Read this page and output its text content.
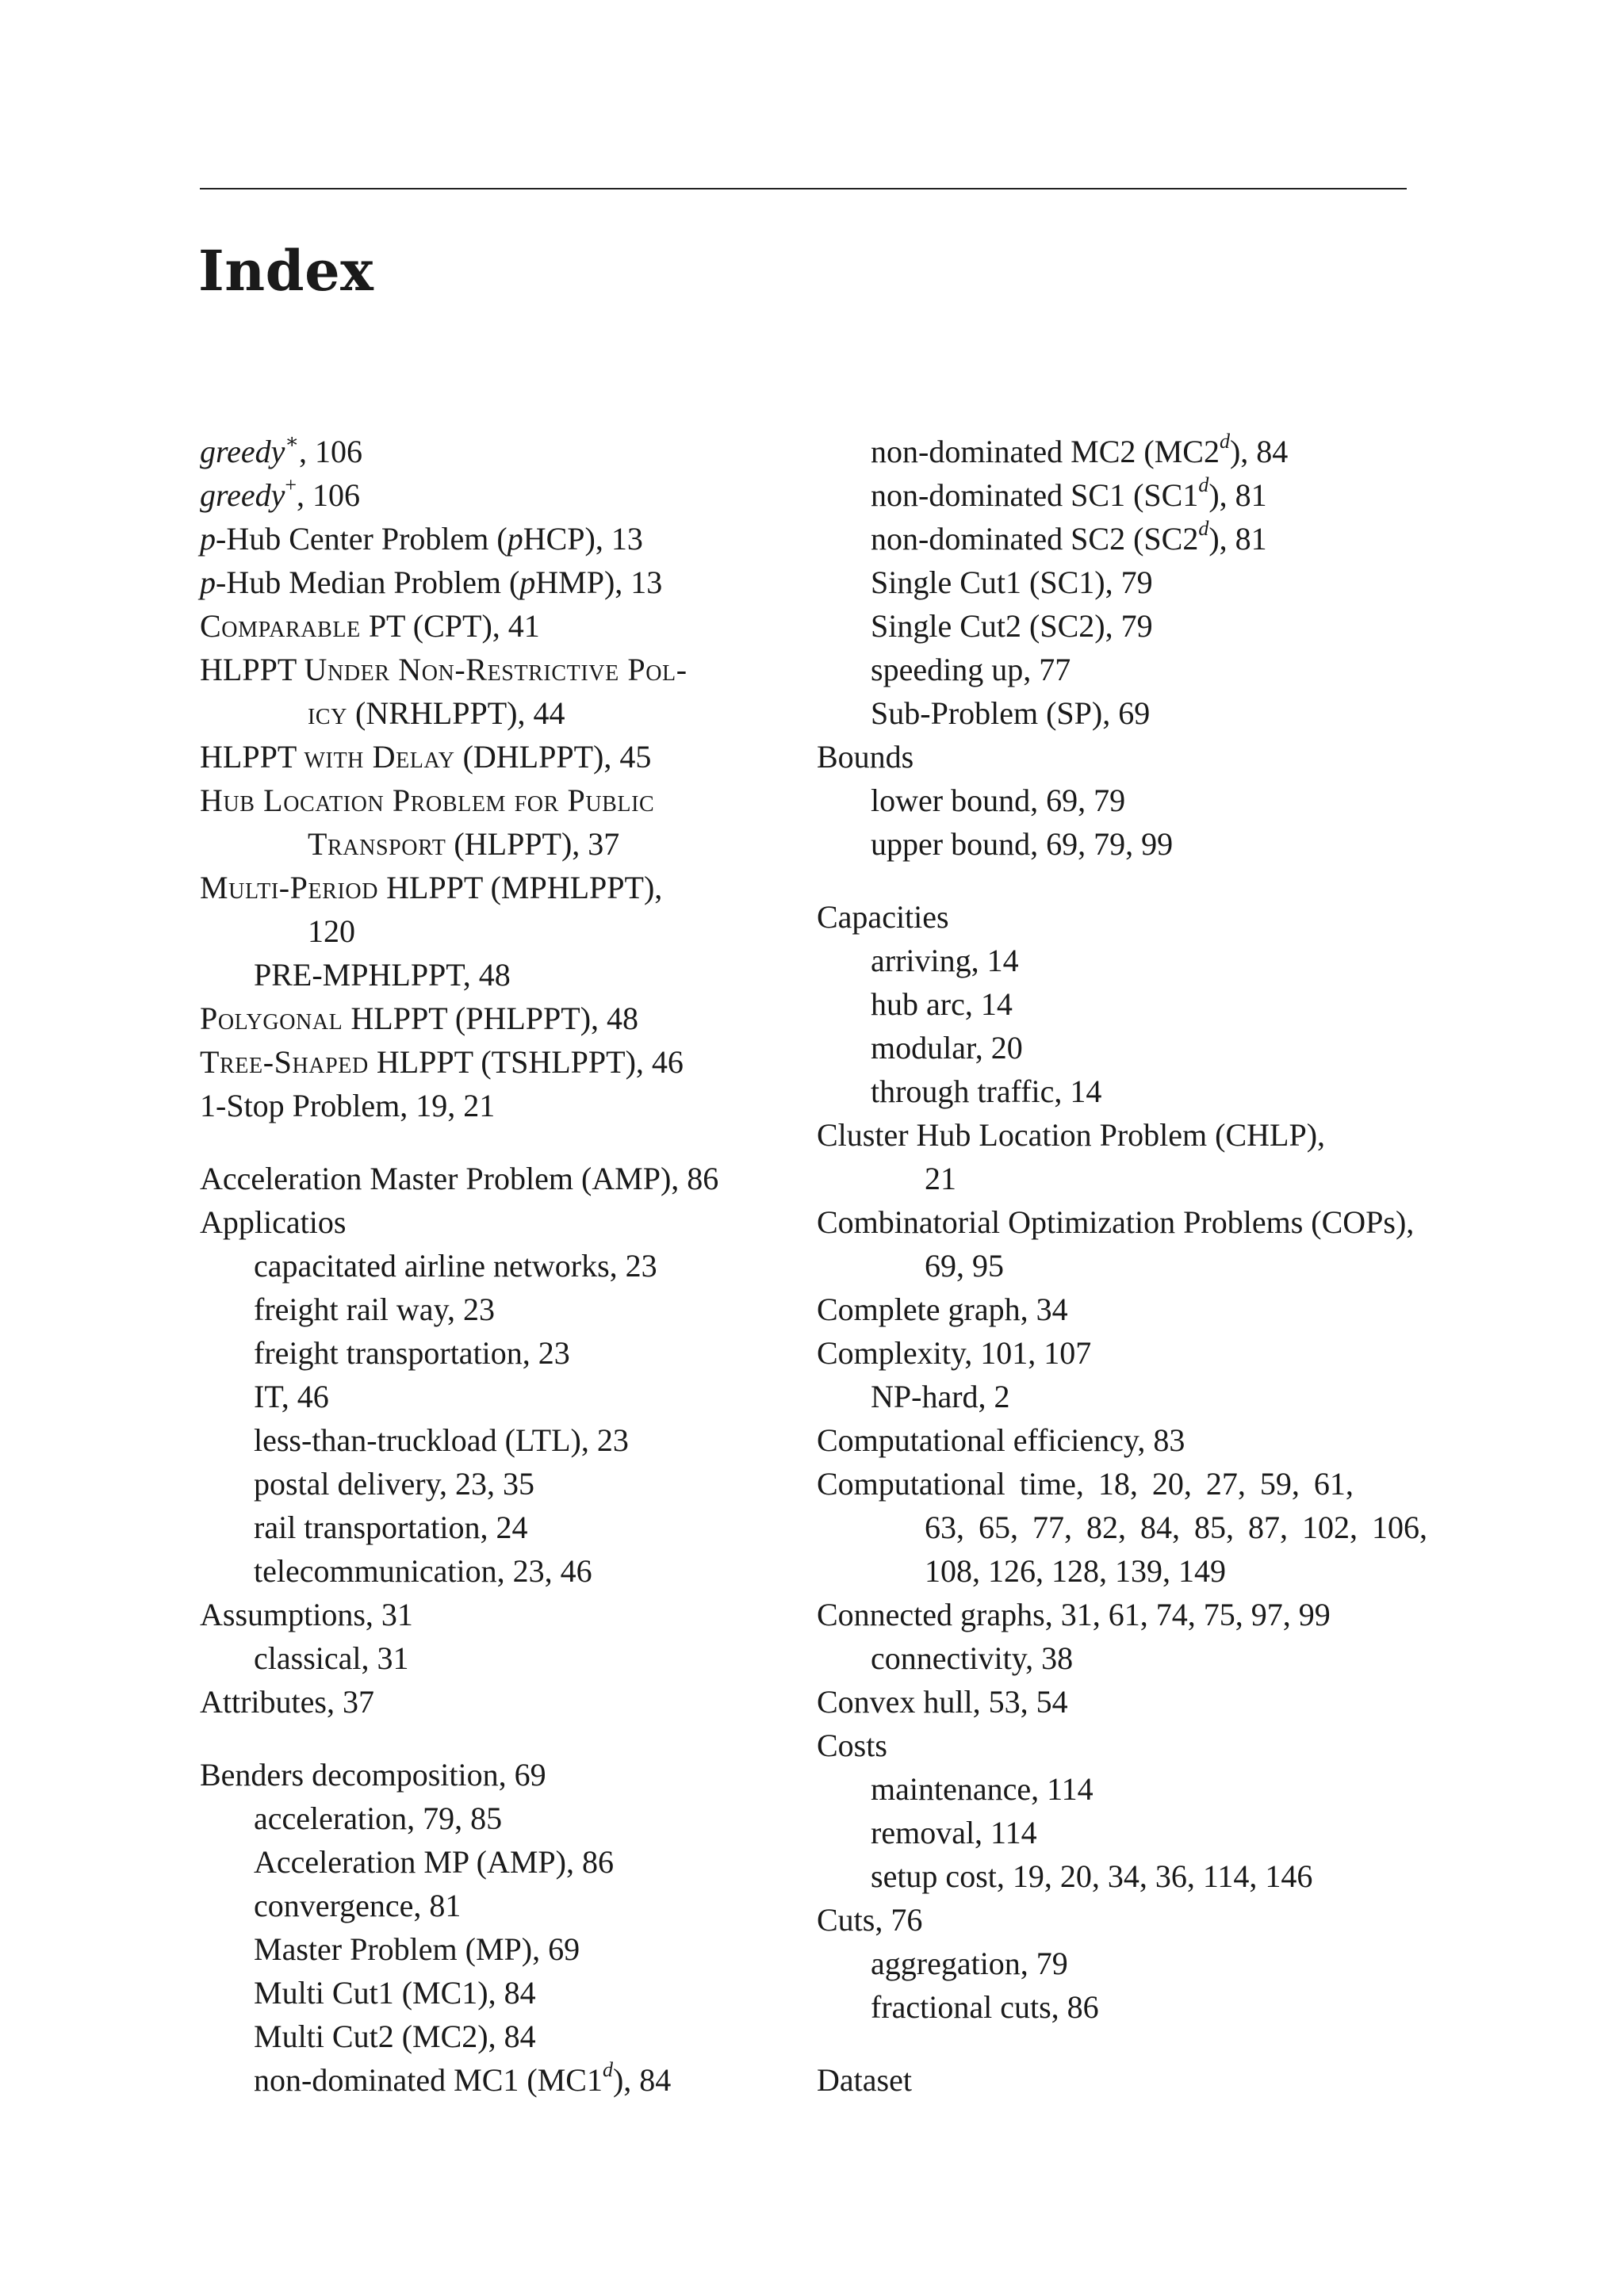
Index
greedy∗, 106
greedy+, 106
p-Hub Center Problem (pHCP), 13
p-Hub Median Problem (pHMP), 13
Comparable PT (CPT), 41
HLPPT Under Non-Restrictive Pol-
icy (NRHLPPT), 44
HLPPT with Delay (DHLPPT), 45
Hub Location Problem for Public
Transport (HLPPT), 37
Multi-Period HLPPT (MPHLPPT),
120
PRE-MPHLPPT, 48
Polygonal HLPPT (PHLPPT), 48
Tree-Shaped HLPPT (TSHLPPT), 46
1-Stop Problem, 19, 21
Acceleration Master Problem (AMP), 86
Applicatios
capacitated airline networks, 23
freight rail way, 23
freight transportation, 23
IT, 46
less-than-truckload (LTL), 23
postal delivery, 23, 35
rail transportation, 24
telecommunication, 23, 46
Assumptions, 31
classical, 31
Attributes, 37
Benders decomposition, 69
acceleration, 79, 85
Acceleration MP (AMP), 86
convergence, 81
Master Problem (MP), 69
Multi Cut1 (MC1), 84
Multi Cut2 (MC2), 84
non-dominated MC1 (MC1$^d$), 84
non-dominated MC2 (MC2$^d$), 84
non-dominated SC1 (SC1$^d$), 81
non-dominated SC2 (SC2$^d$), 81
Single Cut1 (SC1), 79
Single Cut2 (SC2), 79
speeding up, 77
Sub-Problem (SP), 69
Bounds
lower bound, 69, 79
upper bound, 69, 79, 99
Capacities
arriving, 14
hub arc, 14
modular, 20
through traffic, 14
Cluster Hub Location Problem (CHLP),
21
Combinatorial Optimization Problems (COPs),
69, 95
Complete graph, 34
Complexity, 101, 107
NP-hard, 2
Computational efficiency, 83
Computational time, 18, 20, 27, 59, 61,
63, 65, 77, 82, 84, 85, 87, 102, 106,
108, 126, 128, 139, 149
Connected graphs, 31, 61, 74, 75, 97, 99
connectivity, 38
Convex hull, 53, 54
Costs
maintenance, 114
removal, 114
setup cost, 19, 20, 34, 36, 114, 146
Cuts, 76
aggregation, 79
fractional cuts, 86
Dataset
